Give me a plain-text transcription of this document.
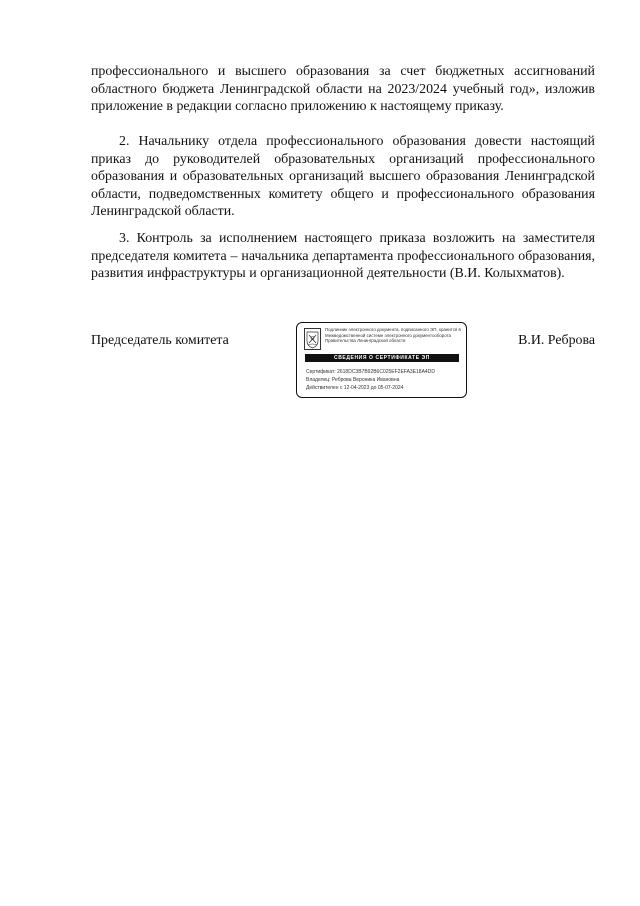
профессионального и высшего образования за счет бюджетных ассигнований областного бюджета Ленинградской области на 2023/2024 учебный год», изложив приложение в редакции согласно приложению к настоящему приказу.
2. Начальнику отдела профессионального образования довести настоящий приказ до руководителей образовательных организаций профессионального образования и образовательных организаций высшего образования Ленинградской области, подведомственных комитету общего и профессионального образования Ленинградской области.
3. Контроль за исполнением настоящего приказа возложить на заместителя председателя комитета – начальника департамента профессионального образования, развития инфраструктуры и организационной деятельности (В.И. Колыхматов).
Председатель комитета	В.И. Реброва
Подлинник электронного документа, подписанного ЭП, хранится в Межведомственной системе электронного документооборота Правительства Ленинградской области
СВЕДЕНИЯ О СЕРТИФИКАТЕ ЭП
Сертификат: 2618DC3B7B92B6C025EF2EFA3E18A4DD
Владелец: Реброва Вероника Ивановна
Действителен с 12-04-2023 до 05-07-2024
